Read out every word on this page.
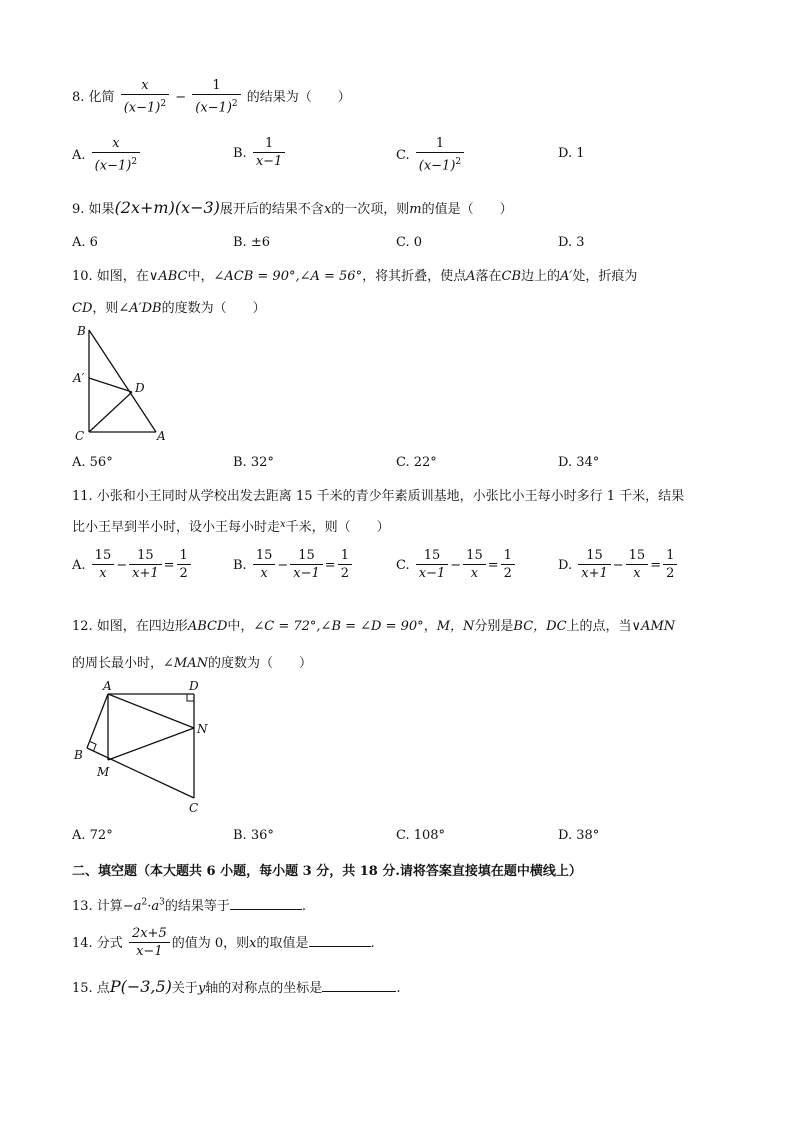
8. 化简 $\frac{x}{(x-1)^2} - \frac{1}{(x-1)^2}$ 的结果为（　　）
A. $\frac{x}{(x-1)^2}$	B. $\frac{1}{x-1}$	C. $\frac{1}{(x-1)^2}$	D. 1
9. 如果(2x+m)(x−3)展开后的结果不含x的一次项，则m的值是（　　）
A. 6	B. ±6	C. 0	D. 3
10. 如图，在∨ABC中，∠ACB = 90°,∠A = 56°，将其折叠，使点A落在CB边上的A′处，折痕为
CD，则∠A′DB的度数为（　　）
B
A′
D
C	A
A. 56°	B. 32°	C. 22°	D. 34°
11. 小张和小王同时从学校出发去距离 15 千米的青少年素质训基地，小张比小王每小时多行 1 千米，结果
比小王早到半小时，设小王每小时走$^x$千米，则（　　）
A. $\frac{15}{x} - \frac{15}{x+1} = \frac{1}{2}$	B. $\frac{15}{x} - \frac{15}{x-1} = \frac{1}{2}$	C. $\frac{15}{x-1} - \frac{15}{x} = \frac{1}{2}$	D. $\frac{15}{x+1} - \frac{15}{x} = \frac{1}{2}$
12. 如图，在四边形ABCD中，∠C = 72°,∠B = ∠D = 90°，M，N分别是BC，DC上的点，当∨AMN
的周长最小时，∠MAN的度数为（　　）
A	D
N
B
M
C
A. 72°	B. 36°	C. 108°	D. 38°
二、填空题（本大题共 6 小题，每小题 3 分，共 18 分.请将答案直接填在题中横线上）
13. 计算$-a^2\cdot a^3$的结果等于	.
14. 分式 $\frac{2x+5}{x-1}$ 的值为 0，则x的取值是	.
15. 点P(−3,5)关于y轴的对称点的坐标是	.
